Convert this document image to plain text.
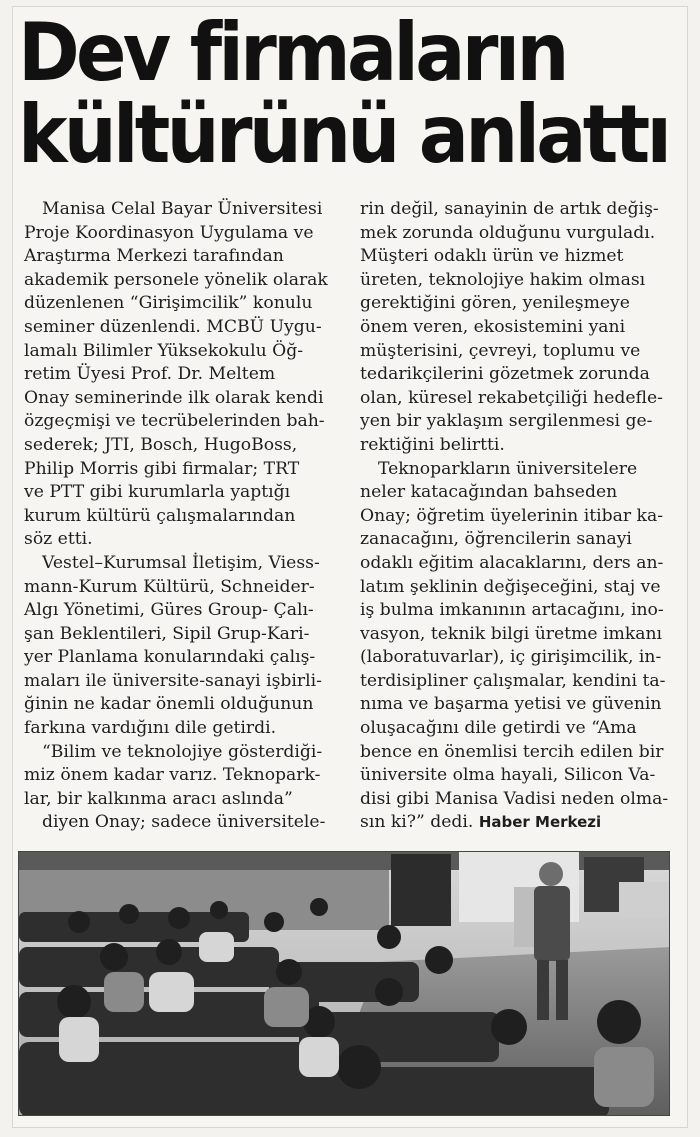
Dev firmaların
kültürünü anlattı

Manisa Celal Bayar Üniversitesi

Proje Koordinasyon Uygulama ve

Araştırma Merkezi tarafından

akademik personele yönelik olarak

düzenlenen “Girişimcilik” konulu

seminer düzenlendi. MCBÜ Uygu-

lamalı Bilimler Yüksekokulu Öğ-

retim Üyesi Prof. Dr. Meltem

Onay seminerinde ilk olarak kendi

özgeçmişi ve tecrübelerinden bah-

sederek; JTI, Bosch, HugoBoss,

Philip Morris gibi firmalar; TRT

ve PTT gibi kurumlarla yaptığı

kurum kültürü çalışmalarından

söz etti.

Vestel–Kurumsal İletişim, Viess-

mann-Kurum Kültürü, Schneider-

Algı Yönetimi, Güres Group- Çalı-

şan Beklentileri, Sipil Grup-Kari-

yer Planlama konularındaki çalış-

maları ile üniversite-sanayi işbirli-

ğinin ne kadar önemli olduğunun

farkına vardığını dile getirdi.

“Bilim ve teknolojiye gösterdiği-

miz önem kadar varız. Teknopark-

lar, bir kalkınma aracı aslında”

diyen Onay; sadece üniversitele-

rin değil, sanayinin de artık değiş-

mek zorunda olduğunu vurguladı.

Müşteri odaklı ürün ve hizmet

üreten, teknolojiye hakim olması

gerektiğini gören, yenileşmeye

önem veren, ekosistemini yani

müşterisini, çevreyi, toplumu ve

tedarikçilerini gözetmek zorunda

olan, küresel rekabetçiliği hedefle-

yen bir yaklaşım sergilenmesi ge-

rektiğini belirtti.

Teknoparkların üniversitelere

neler katacağından bahseden

Onay; öğretim üyelerinin itibar ka-

zanacağını, öğrencilerin sanayi

odaklı eğitim alacaklarını, ders an-

latım şeklinin değişeceğini, staj ve

iş bulma imkanının artacağını, ino-

vasyon, teknik bilgi üretme imkanı

(laboratuvarlar), iç girişimcilik, in-

terdisipliner çalışmalar, kendini ta-

nıma ve başarma yetisi ve güvenin

oluşacağını dile getirdi ve “Ama

bence en önemlisi tercih edilen bir

üniversite olma hayali, Silicon Va-

disi gibi Manisa Vadisi neden olma-

sın ki?” dedi. Haber Merkezi
